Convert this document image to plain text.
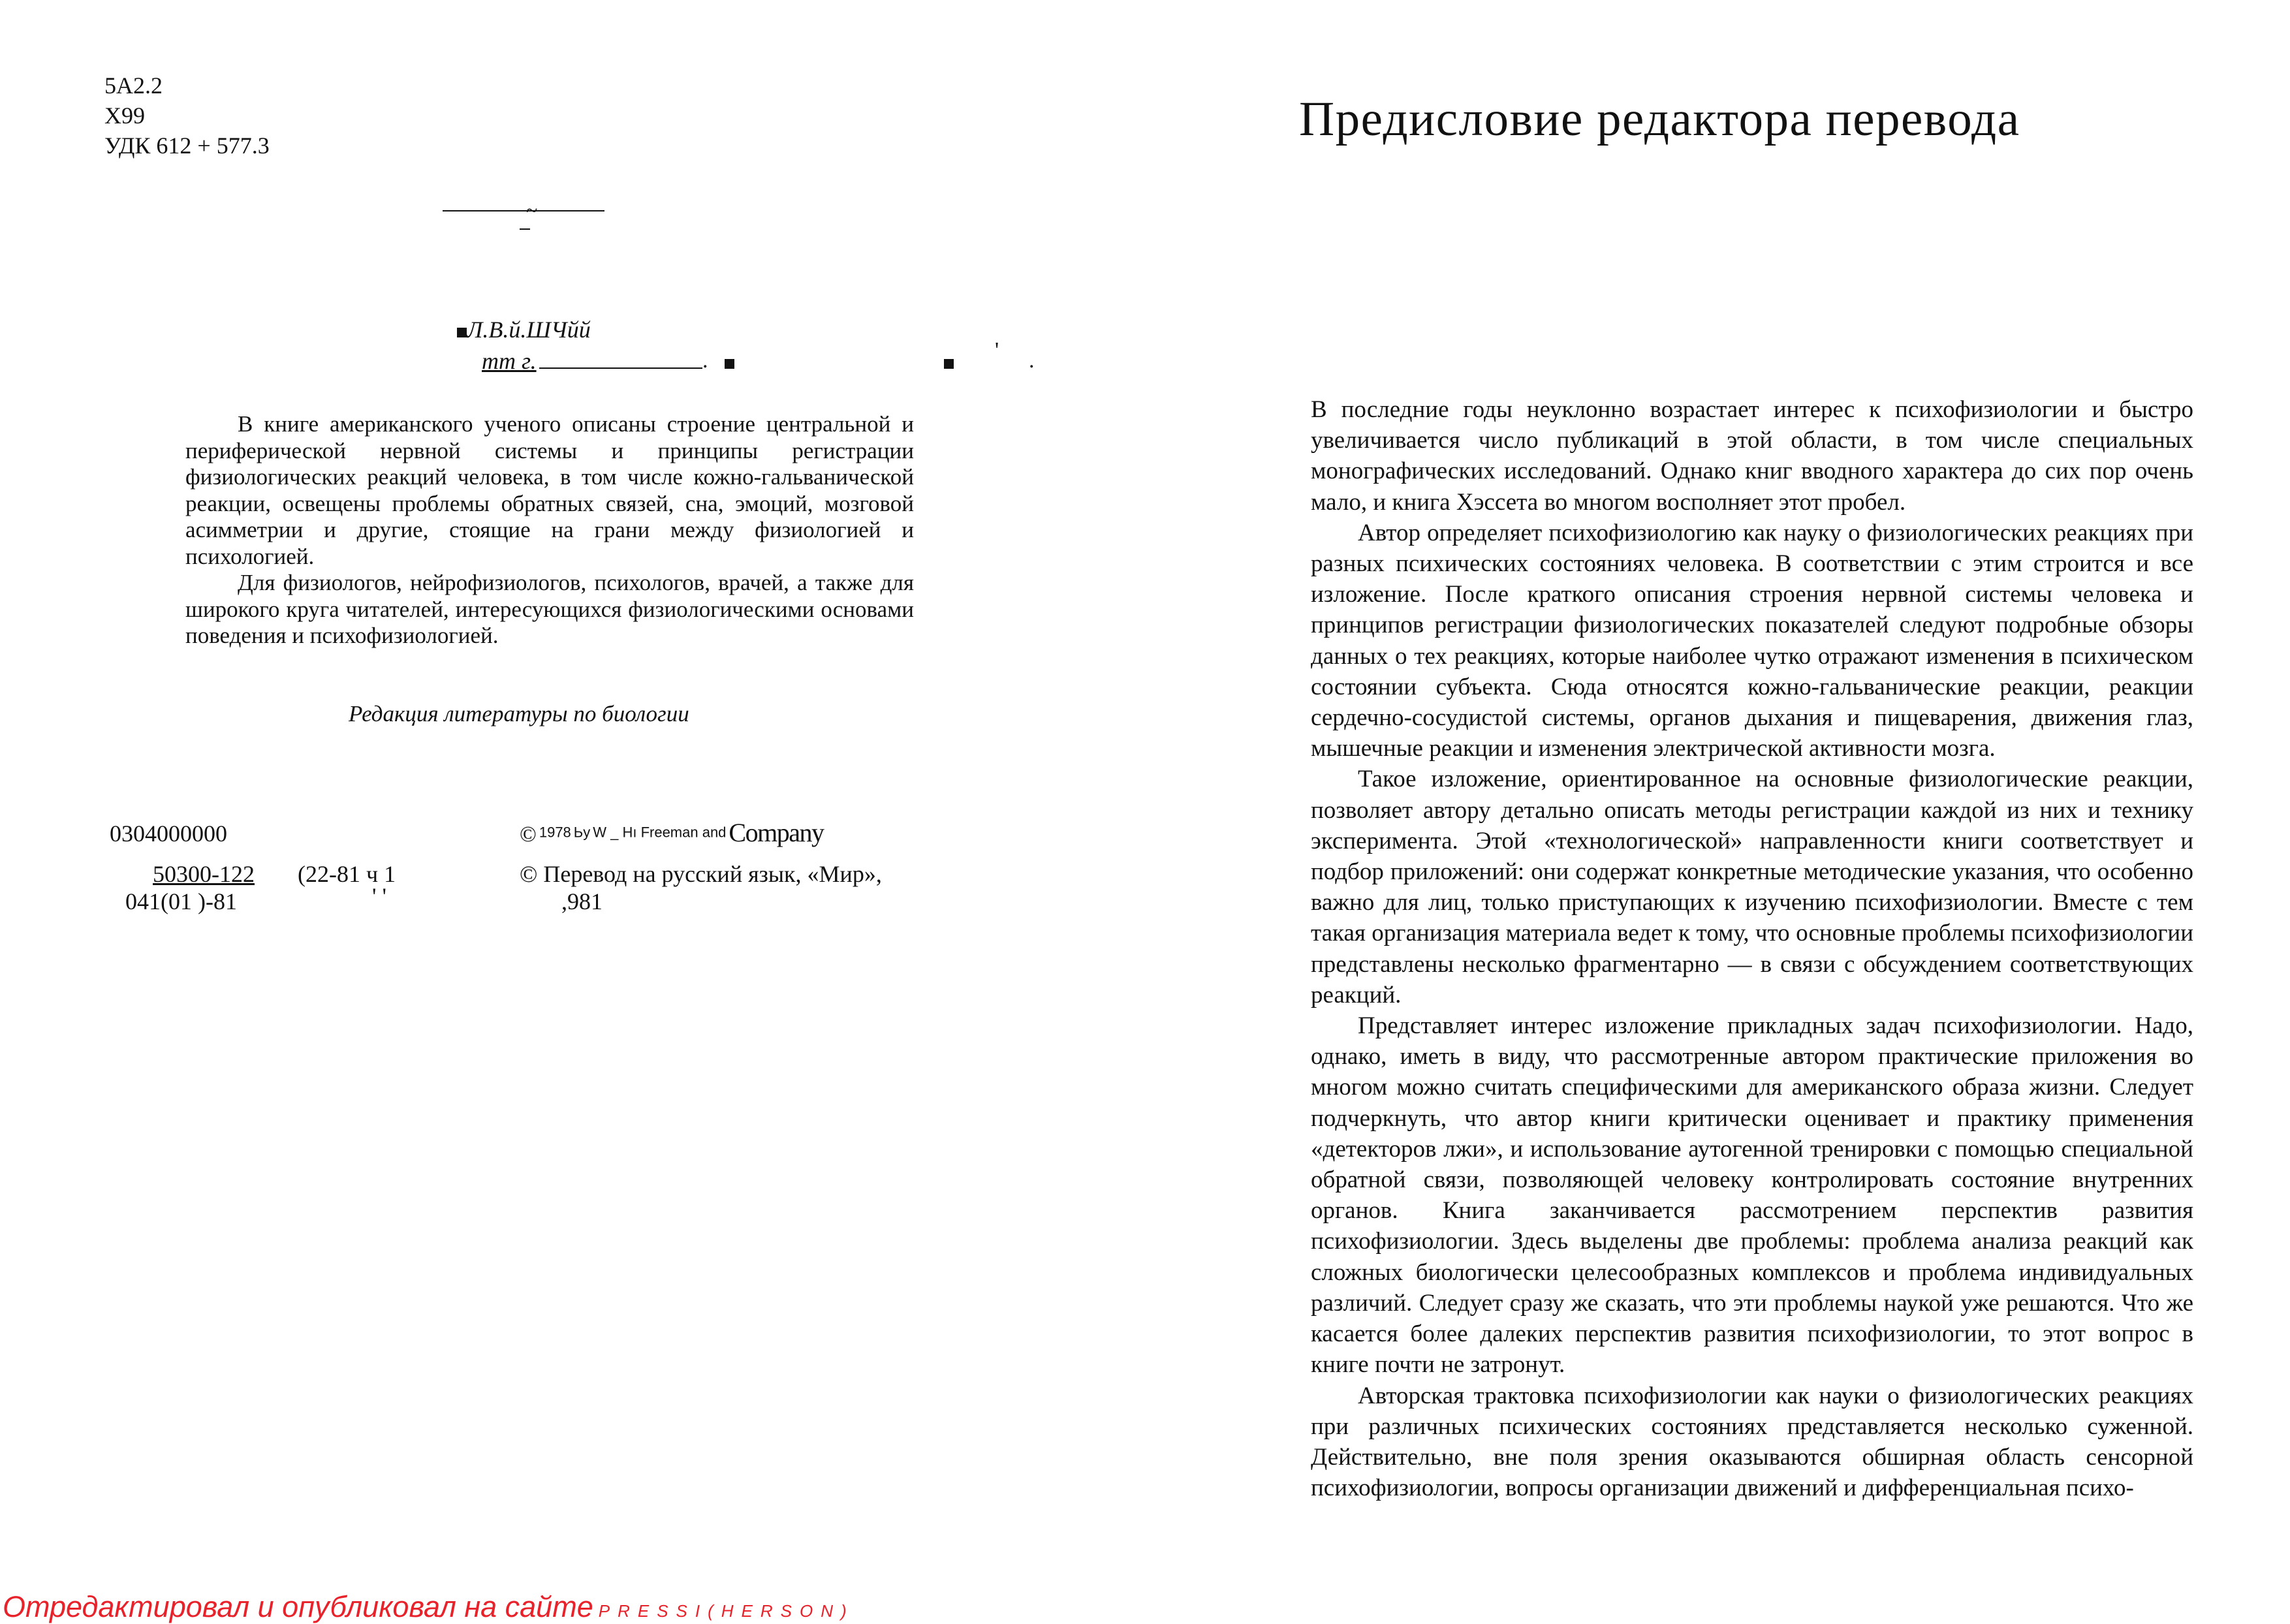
5A2.2
X99
УДК 612 + 577.3
~
Л.В.й.ШЧйй
тт г.	.	' .

В книге американского ученого описаны строение центральной и периферической нервной системы и принципы регистрации физиологических реакций человека, в том числе кожно-гальванической реакции, освещены проблемы обратных связей, сна, эмоций, мозговой асимметрии и другие, стоящие на грани между физиологией и психологией.

Для физиологов, нейрофизиологов, психологов, врачей, а также для широкого круга читателей, интересующихся физиологическими основами поведения и психофизиологией.

Редакция литературы по биологии
0304000000
50300-122 (22-81 ч 1
041(01 )-81	' '
© 1978 Ьу W _ Hı Freeman and Company
© Перевод на русский язык, «Мир»,
,981
Отредактировал и опубликовал на сайте PRESSI(HERSON)
Предисловие редактора перевода

В последние годы неуклонно возрастает интерес к психофизиологии и быстро увеличивается число публикаций в этой области, в том числе специальных монографических исследований. Однако книг вводного характера до сих пор очень мало, и книга Хэссета во многом восполняет этот пробел.

Автор определяет психофизиологию как науку о физиологических реакциях при разных психических состояниях человека. В соответствии с этим строится и все изложение. После краткого описания строения нервной системы человека и принципов регистрации физиологических показателей следуют подробные обзоры данных о тех реакциях, которые наиболее чутко отражают изменения в психическом состоянии субъекта. Сюда относятся кожно-гальванические реакции, реакции сердечно-сосудистой системы, органов дыхания и пищеварения, движения глаз, мышечные реакции и изменения электрической активности мозга.

Такое изложение, ориентированное на основные физиологические реакции, позволяет автору детально описать методы регистрации каждой из них и технику эксперимента. Этой «технологической» направленности книги соответствует и подбор приложений: они содержат конкретные методические указания, что особенно важно для лиц, только приступающих к изучению психофизиологии. Вместе с тем такая организация материала ведет к тому, что основные проблемы психофизиологии представлены несколько фрагментарно — в связи с обсуждением соответствующих реакций.

Представляет интерес изложение прикладных задач психофизиологии. Надо, однако, иметь в виду, что рассмотренные автором практические приложения во многом можно считать специфическими для американского образа жизни. Следует подчеркнуть, что автор книги критически оценивает и практику применения «детекторов лжи», и использование аутогенной тренировки с помощью специальной обратной связи, позволяющей человеку контролировать состояние внутренних органов. Книга заканчивается рассмотрением перспектив развития психофизиологии. Здесь выделены две проблемы: проблема анализа реакций как сложных биологически целесообразных комплексов и проблема индивидуальных различий. Следует сразу же сказать, что эти проблемы наукой уже решаются. Что же касается более далеких перспектив развития психофизиологии, то этот вопрос в книге почти не затронут.

Авторская трактовка психофизиологии как науки о физиологических реакциях при различных психических состояниях представляется несколько суженной. Действительно, вне поля зрения оказываются обширная область сенсорной психофизиологии, вопросы организации движений и дифференциальная психо-
